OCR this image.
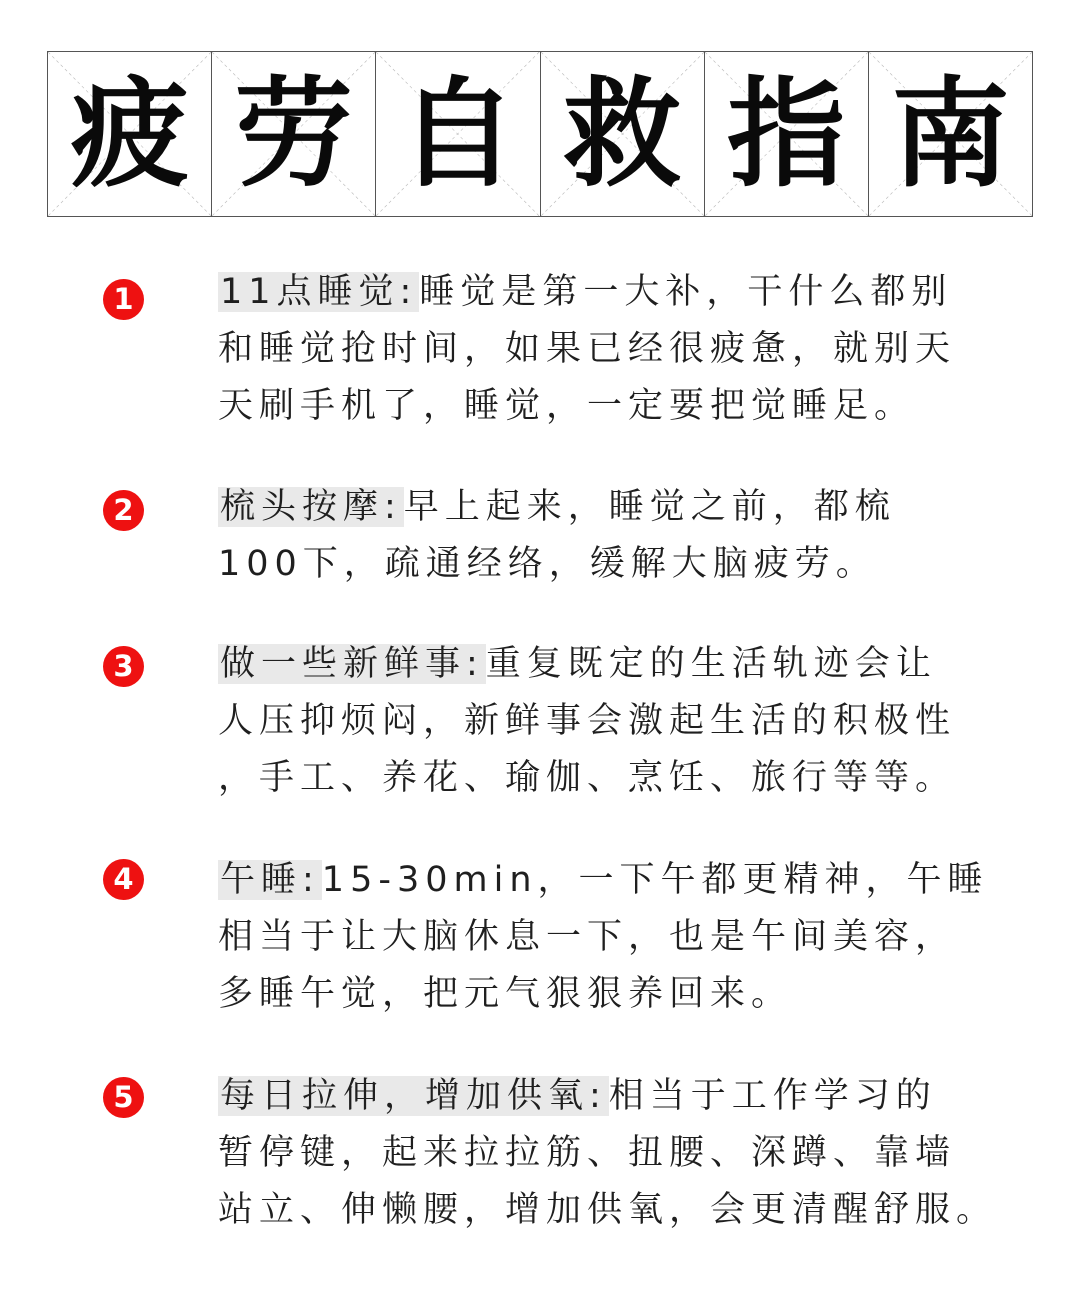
疲 劳 自 救 指 南
1 11点睡觉:睡觉是第一大补，干什么都别
和睡觉抢时间，如果已经很疲惫，就别天
天刷手机了，睡觉，一定要把觉睡足。
2 梳头按摩:早上起来，睡觉之前，都梳
100下，疏通经络，缓解大脑疲劳。
3 做一些新鲜事:重复既定的生活轨迹会让
人压抑烦闷，新鲜事会激起生活的积极性
，手工、养花、瑜伽、烹饪、旅行等等。
4 午睡:15-30min，一下午都更精神，午睡
相当于让大脑休息一下，也是午间美容，
多睡午觉，把元气狠狠养回来。
5 每日拉伸，增加供氧:相当于工作学习的
暂停键，起来拉拉筋、扭腰、深蹲、靠墙
站立、伸懒腰，增加供氧，会更清醒舒服。
